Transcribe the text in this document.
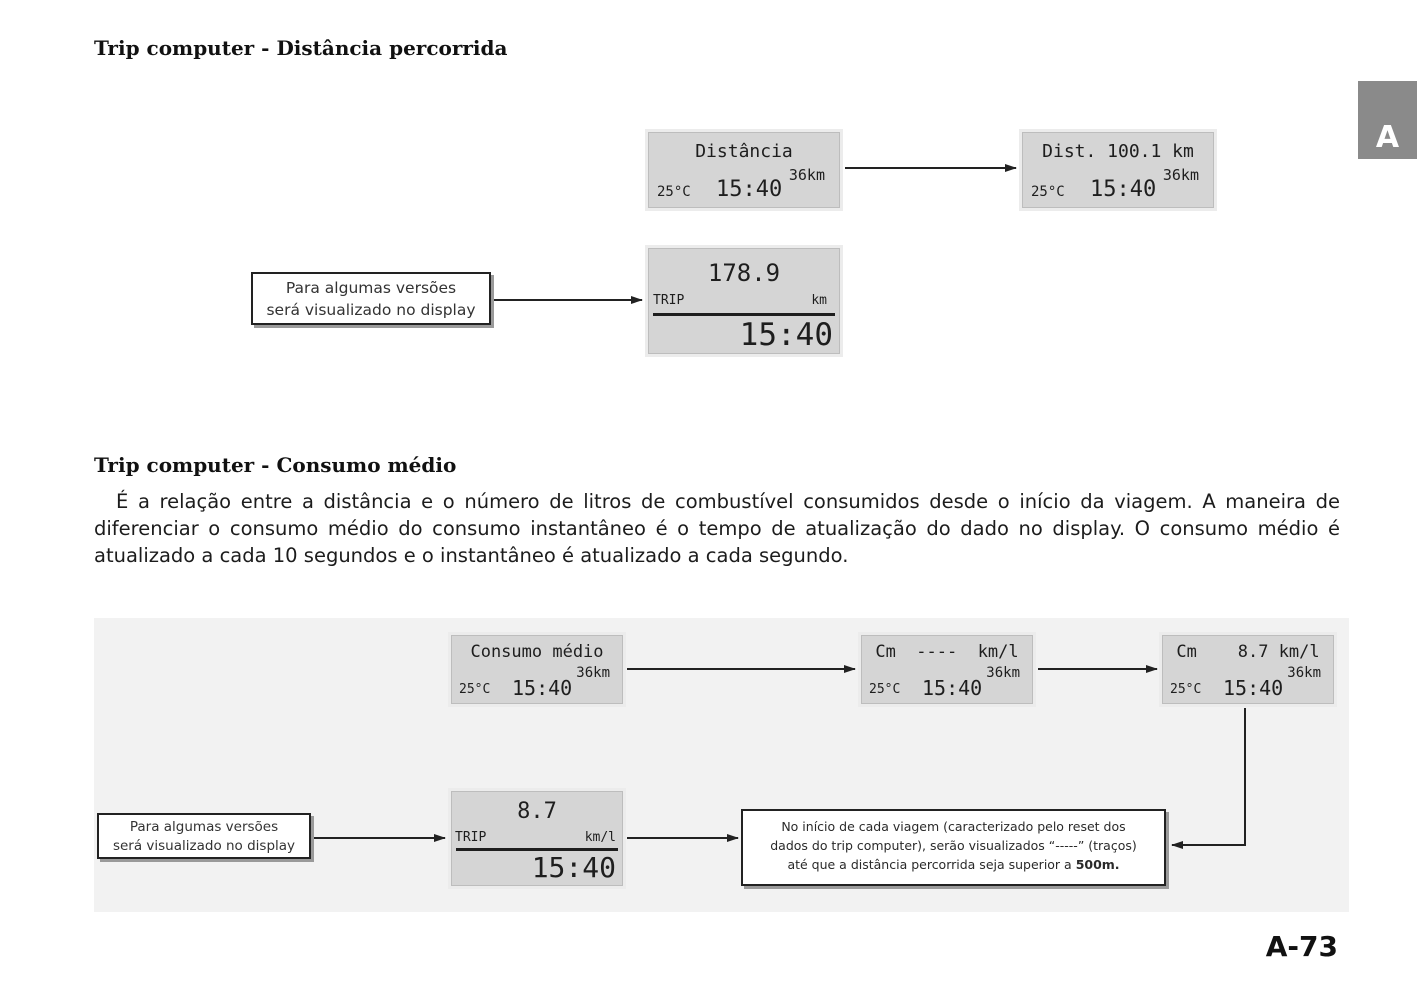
Trip computer - Distância percorrida
A
Distância
36km
25°C 15:40
Dist. 100.1 km
36km
25°C 15:40
178.9
TRIP	km
15:40
Para algumas versões
será visualizado no display
Trip computer - Consumo médio
É a relação entre a distância e o número de litros de combustível consumidos desde o início da viagem. A maneira de diferenciar o consumo médio do consumo instantâneo é o tempo de atualização do dado no display. O consumo médio é atualizado a cada 10 segundos e o instantâneo é atualizado a cada segundo.
Consumo médio
36km
25°C 15:40
Cm  ----  km/l
36km
25°C 15:40
Cm    8.7 km/l
36km
25°C 15:40
8.7
TRIP	km/l
15:40
Para algumas versões
será visualizado no display
No início de cada viagem (caracterizado pelo reset dos
dados do trip computer), serão visualizados “-----” (traços)
até que a distância percorrida seja superior a 500m.
A-73
